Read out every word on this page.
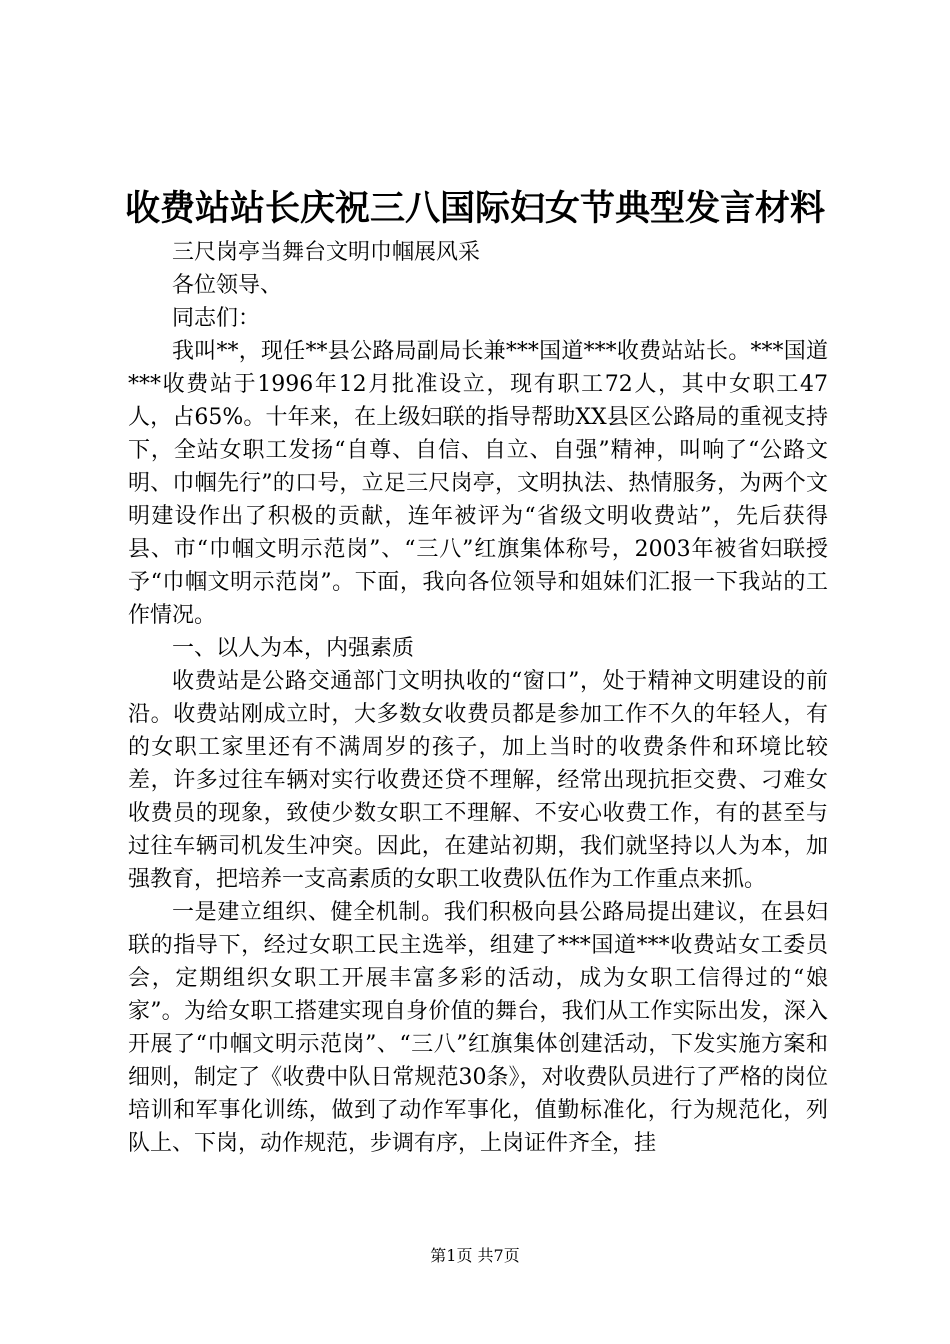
收费站站长庆祝三八国际妇女节典型发言材料

三尺岗亭当舞台文明巾帼展风采

各位领导、

同志们：

我叫**，现任**县公路局副局长兼***国道***收费站站长。***国道***收费站于1996年12月批准设立，现有职工72人，其中女职工47人，占65%。十年来，在上级妇联的指导帮助XX县区公路局的重视支持下，全站女职工发扬“自尊、自信、自立、自强”精神，叫响了“公路文明、巾帼先行”的口号，立足三尺岗亭，文明执法、热情服务，为两个文明建设作出了积极的贡献，连年被评为“省级文明收费站”，先后获得县、市“巾帼文明示范岗”、“三八”红旗集体称号，2003年被省妇联授予“巾帼文明示范岗”。下面，我向各位领导和姐妹们汇报一下我站的工作情况。

一、以人为本，内强素质

收费站是公路交通部门文明执收的“窗口”，处于精神文明建设的前沿。收费站刚成立时，大多数女收费员都是参加工作不久的年轻人，有的女职工家里还有不满周岁的孩子，加上当时的收费条件和环境比较差，许多过往车辆对实行收费还贷不理解，经常出现抗拒交费、刁难女收费员的现象，致使少数女职工不理解、不安心收费工作，有的甚至与过往车辆司机发生冲突。因此，在建站初期，我们就坚持以人为本，加强教育，把培养一支高素质的女职工收费队伍作为工作重点来抓。

一是建立组织、健全机制。我们积极向县公路局提出建议，在县妇联的指导下，经过女职工民主选举，组建了***国道***收费站女工委员会，定期组织女职工开展丰富多彩的活动，成为女职工信得过的“娘家”。为给女职工搭建实现自身价值的舞台，我们从工作实际出发，深入开展了“巾帼文明示范岗”、“三八”红旗集体创建活动，下发实施方案和细则，制定了《收费中队日常规范30条》，对收费队员进行了严格的岗位培训和军事化训练，做到了动作军事化，值勤标准化，行为规范化，列队上、下岗，动作规范，步调有序，上岗证件齐全，挂

第1页 共7页
